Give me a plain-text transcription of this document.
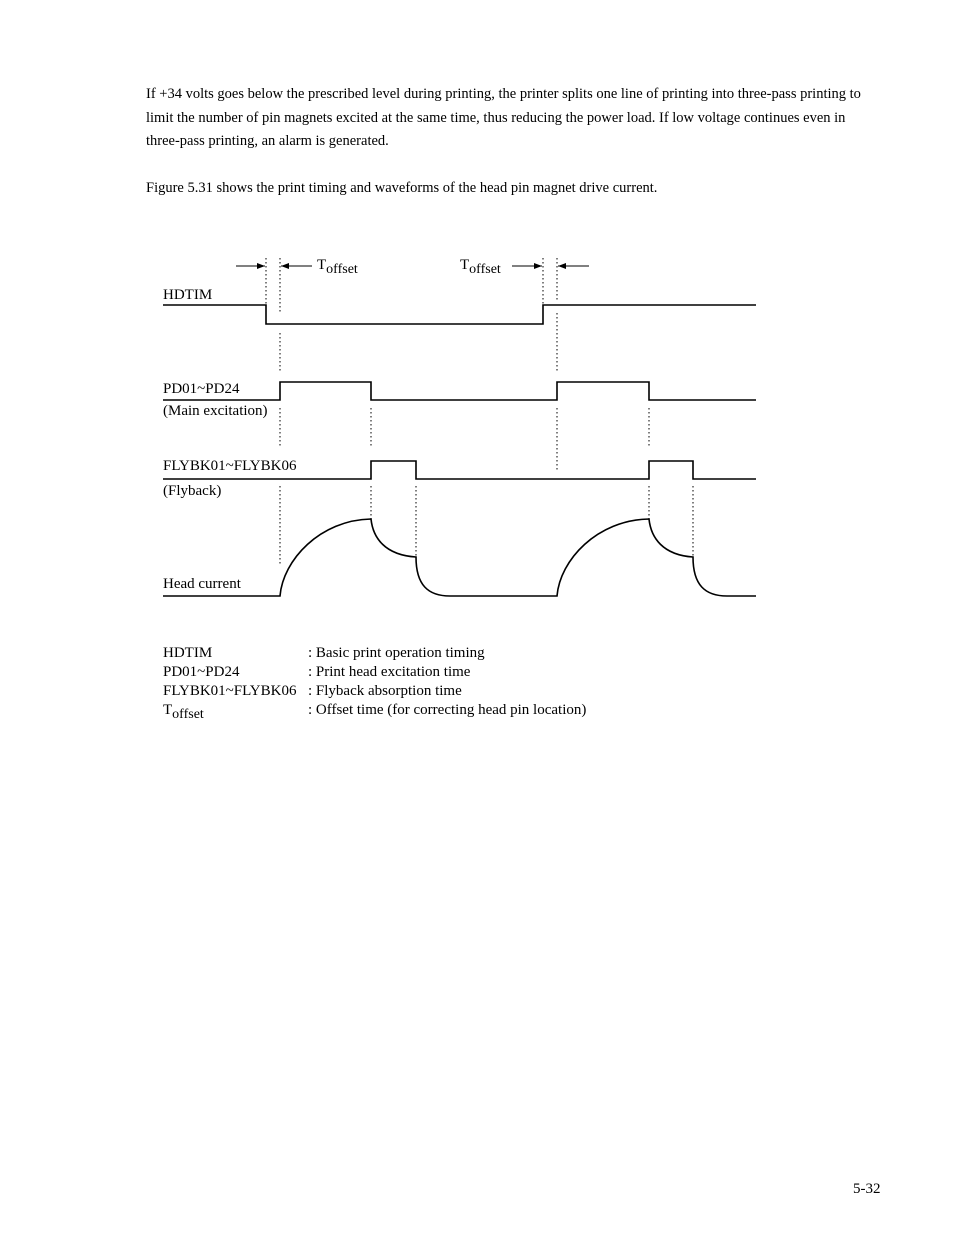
If +34 volts goes below the prescribed level during printing, the printer splits one line of printing into three-pass printing to limit the number of pin magnets excited at the same time, thus reducing the power load. If low voltage continues even in three-pass printing, an alarm is generated.

Figure 5.31 shows the print timing and waveforms of the head pin magnet drive current.

Toffset	Toffset
HDTIM
PD01~PD24
(Main excitation)
FLYBK01~FLYBK06
(Flyback)
Head current
HDTIM	: Basic print operation timing
PD01~PD24	: Print head excitation time
FLYBK01~FLYBK06 : Flyback absorption time
Toffset	: Offset time (for correcting head pin location)
5-32
